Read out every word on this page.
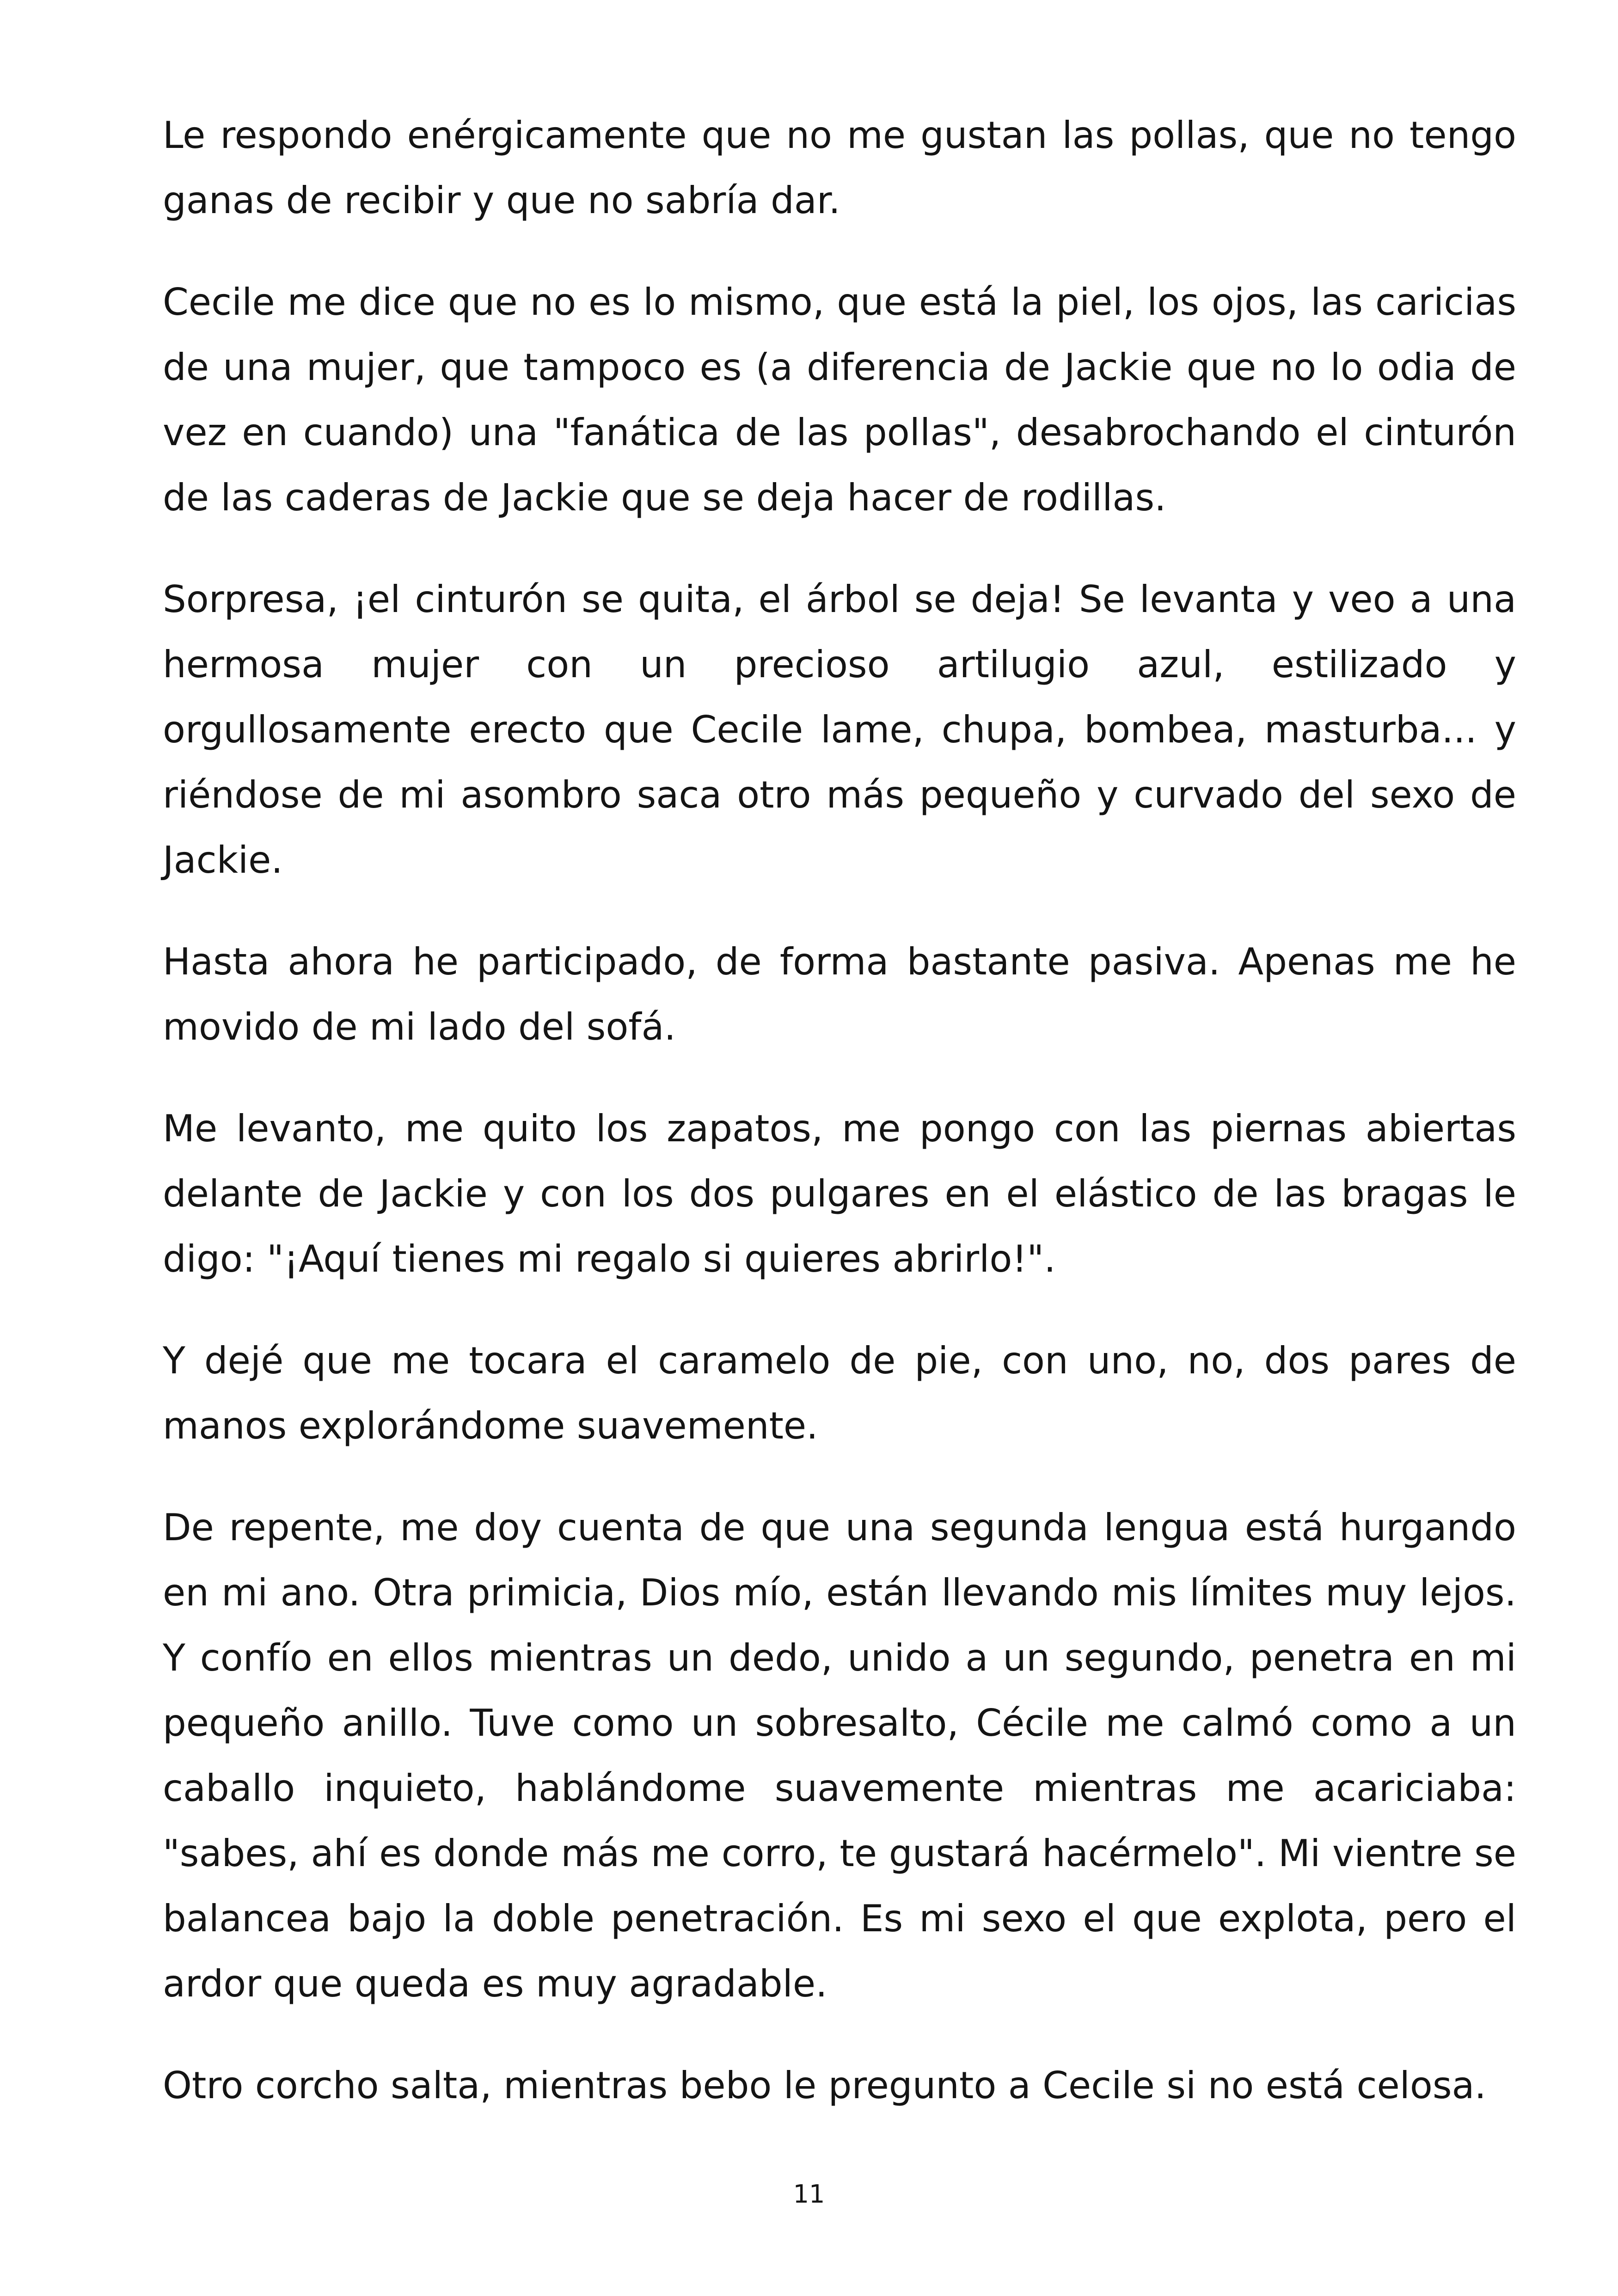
Le respondo enérgicamente que no me gustan las pollas, que no tengo ganas de recibir y que no sabría dar.

Cecile me dice que no es lo mismo, que está la piel, los ojos, las caricias de una mujer, que tampoco es (a diferencia de Jackie que no lo odia de vez en cuando) una "fanática de las pollas", desabrochando el cinturón de las caderas de Jackie que se deja hacer de rodillas.

Sorpresa, ¡el cinturón se quita, el árbol se deja! Se levanta y veo a una hermosa mujer con un precioso artilugio azul, estilizado y orgullosamente erecto que Cecile lame, chupa, bombea, masturba... y riéndose de mi asombro saca otro más pequeño y curvado del sexo de Jackie.

Hasta ahora he participado, de forma bastante pasiva. Apenas me he movido de mi lado del sofá.

Me levanto, me quito los zapatos, me pongo con las piernas abiertas delante de Jackie y con los dos pulgares en el elástico de las bragas le digo: "¡Aquí tienes mi regalo si quieres abrirlo!".

Y dejé que me tocara el caramelo de pie, con uno, no, dos pares de manos explorándome suavemente.

De repente, me doy cuenta de que una segunda lengua está hurgando en mi ano. Otra primicia, Dios mío, están llevando mis límites muy lejos. Y confío en ellos mientras un dedo, unido a un segundo, penetra en mi pequeño anillo. Tuve como un sobresalto, Cécile me calmó como a un caballo inquieto, hablándome suavemente mientras me acariciaba: "sabes, ahí es donde más me corro, te gustará hacérmelo". Mi vientre se balancea bajo la doble penetración. Es mi sexo el que explota, pero el ardor que queda es muy agradable.

Otro corcho salta, mientras bebo le pregunto a Cecile si no está celosa.

11
